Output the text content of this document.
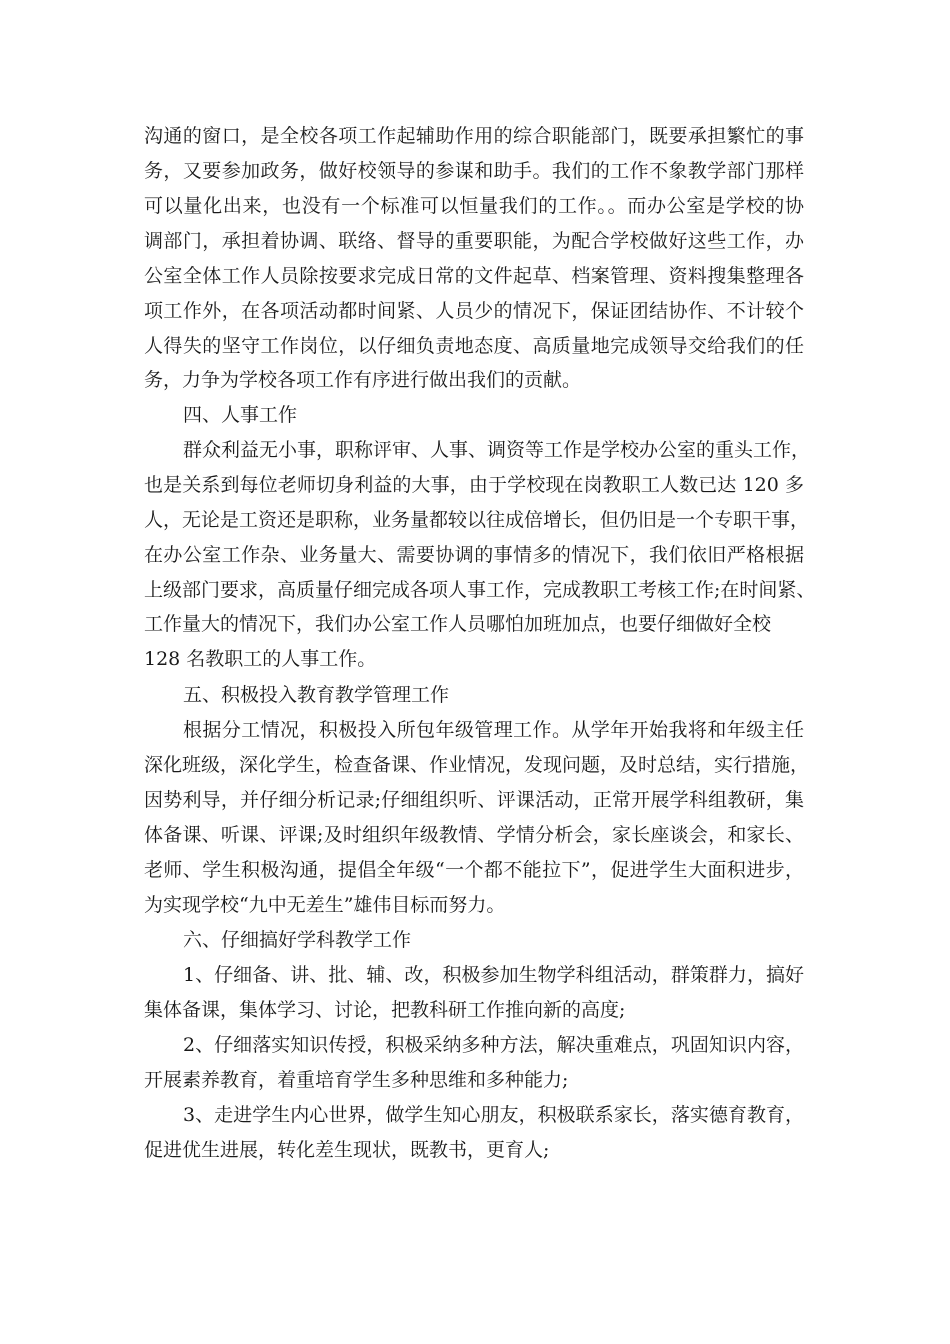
沟通的窗口，是全校各项工作起辅助作用的综合职能部门，既要承担繁忙的事

务，又要参加政务，做好校领导的参谋和助手。我们的工作不象教学部门那样

可以量化出来，也没有一个标准可以恒量我们的工作。。而办公室是学校的协

调部门，承担着协调、联络、督导的重要职能，为配合学校做好这些工作，办

公室全体工作人员除按要求完成日常的文件起草、档案管理、资料搜集整理各

项工作外，在各项活动都时间紧、人员少的情况下，保证团结协作、不计较个

人得失的坚守工作岗位，以仔细负责地态度、高质量地完成领导交给我们的任

务，力争为学校各项工作有序进行做出我们的贡献。

四、人事工作

群众利益无小事，职称评审、人事、调资等工作是学校办公室的重头工作，

也是关系到每位老师切身利益的大事，由于学校现在岗教职工人数已达 120 多

人，无论是工资还是职称，业务量都较以往成倍增长，但仍旧是一个专职干事，

在办公室工作杂、业务量大、需要协调的事情多的情况下，我们依旧严格根据

上级部门要求，高质量仔细完成各项人事工作，完成教职工考核工作;在时间紧、

工作量大的情况下，我们办公室工作人员哪怕加班加点，也要仔细做好全校

128 名教职工的人事工作。

五、积极投入教育教学管理工作

根据分工情况，积极投入所包年级管理工作。从学年开始我将和年级主任

深化班级，深化学生，检查备课、作业情况，发现问题，及时总结，实行措施，

因势利导，并仔细分析记录;仔细组织听、评课活动，正常开展学科组教研，集

体备课、听课、评课;及时组织年级教情、学情分析会，家长座谈会，和家长、

老师、学生积极沟通，提倡全年级“一个都不能拉下”，促进学生大面积进步，

为实现学校“九中无差生”雄伟目标而努力。

六、仔细搞好学科教学工作

1、仔细备、讲、批、辅、改，积极参加生物学科组活动，群策群力，搞好

集体备课，集体学习、讨论，把教科研工作推向新的高度;

2、仔细落实知识传授，积极采纳多种方法，解决重难点，巩固知识内容，

开展素养教育，着重培育学生多种思维和多种能力;

3、走进学生内心世界，做学生知心朋友，积极联系家长，落实德育教育，

促进优生进展，转化差生现状，既教书，更育人;
